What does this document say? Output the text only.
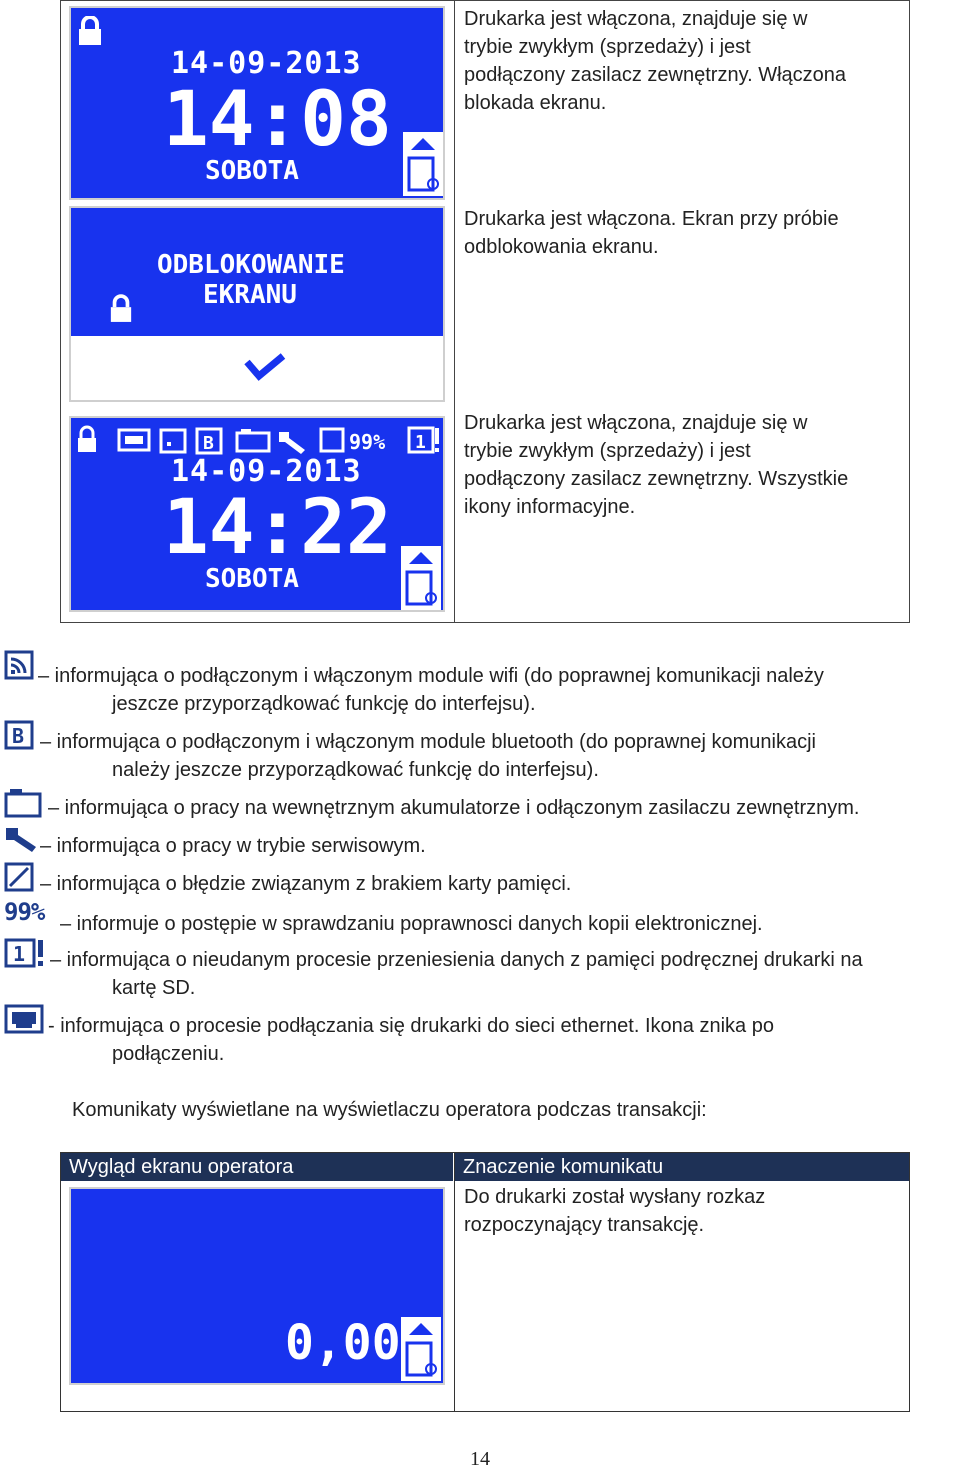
14-09-2013
14:08
SOBOTA
Drukarka jest włączona, znajduje się w
trybie zwykłym (sprzedaży) i jest
podłączony zasilacz zewnętrzny. Włączona
blokada ekranu.
ODBLOKOWANIE
EKRANU
Drukarka jest włączona. Ekran przy próbie
odblokowania ekranu.
B	99% 1
14-09-2013
14:22
SOBOTA
Drukarka jest włączona, znajduje się w
trybie zwykłym (sprzedaży) i jest
podłączony zasilacz zewnętrzny. Wszystkie
ikony informacyjne.
– informująca o podłączonym i włączonym module wifi (do poprawnej komunikacji należy
jeszcze przyporządkować funkcję do interfejsu).
B – informująca o podłączonym i włączonym module bluetooth (do poprawnej komunikacji
należy jeszcze przyporządkować funkcję do interfejsu).
– informująca o pracy na wewnętrznym akumulatorze i odłączonym zasilaczu zewnętrznym.
– informująca o pracy w trybie serwisowym.
– informująca o błędzie związanym z brakiem karty pamięci.
99% – informuje o postępie w sprawdzaniu poprawnosci danych kopii elektronicznej.
1 – informująca o nieudanym procesie przeniesienia danych z pamięci podręcznej drukarki na
kartę SD.
- informująca o procesie podłączania się drukarki do sieci ethernet. Ikona znika po
podłączeniu.
Komunikaty wyświetlane na wyświetlaczu operatora podczas transakcji:
Wygląd ekranu operatora	Znaczenie komunikatu
0,00
Do drukarki został wysłany rozkaz
rozpoczynający transakcję.
14
